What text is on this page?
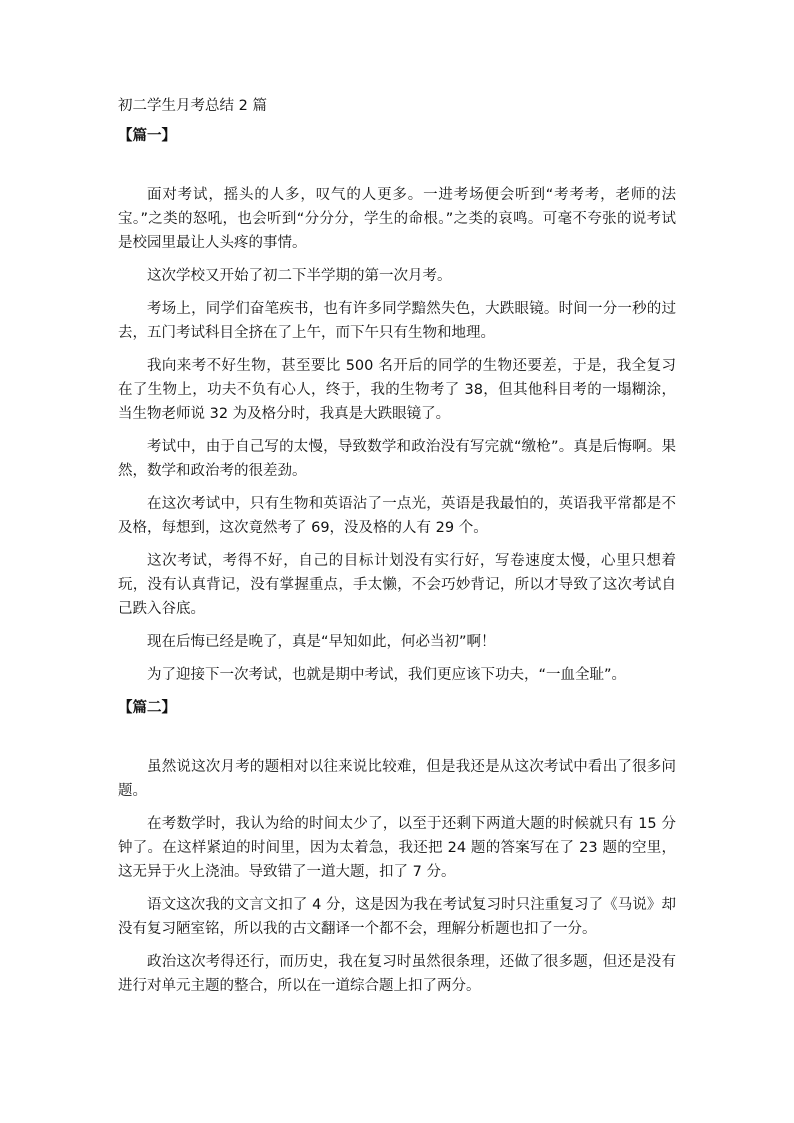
初二学生月考总结 2 篇
【篇一】

面对考试，摇头的人多，叹气的人更多。一进考场便会听到“考考考，老师的法宝。”之类的怒吼，也会听到“分分分，学生的命根。”之类的哀鸣。可毫不夸张的说考试是校园里最让人头疼的事情。

这次学校又开始了初二下半学期的第一次月考。

考场上，同学们奋笔疾书，也有许多同学黯然失色，大跌眼镜。时间一分一秒的过去，五门考试科目全挤在了上午，而下午只有生物和地理。

我向来考不好生物，甚至要比 500 名开后的同学的生物还要差，于是，我全复习在了生物上，功夫不负有心人，终于，我的生物考了 38，但其他科目考的一塌糊涂，当生物老师说 32 为及格分时，我真是大跌眼镜了。

考试中，由于自己写的太慢，导致数学和政治没有写完就“缴枪”。真是后悔啊。果然，数学和政治考的很差劲。

在这次考试中，只有生物和英语沾了一点光，英语是我最怕的，英语我平常都是不及格，每想到，这次竟然考了 69，没及格的人有 29 个。

这次考试，考得不好，自己的目标计划没有实行好，写卷速度太慢，心里只想着玩，没有认真背记，没有掌握重点，手太懒，不会巧妙背记，所以才导致了这次考试自己跌入谷底。

现在后悔已经是晚了，真是“早知如此，何必当初”啊！

为了迎接下一次考试，也就是期中考试，我们更应该下功夫，“一血全耻”。

【篇二】

虽然说这次月考的题相对以往来说比较难，但是我还是从这次考试中看出了很多问题。

在考数学时，我认为给的时间太少了，以至于还剩下两道大题的时候就只有 15 分钟了。在这样紧迫的时间里，因为太着急，我还把 24 题的答案写在了 23 题的空里，这无异于火上浇油。导致错了一道大题，扣了 7 分。

语文这次我的文言文扣了 4 分，这是因为我在考试复习时只注重复习了《马说》却没有复习陋室铭，所以我的古文翻译一个都不会，理解分析题也扣了一分。

政治这次考得还行，而历史，我在复习时虽然很条理，还做了很多题，但还是没有进行对单元主题的整合，所以在一道综合题上扣了两分。
